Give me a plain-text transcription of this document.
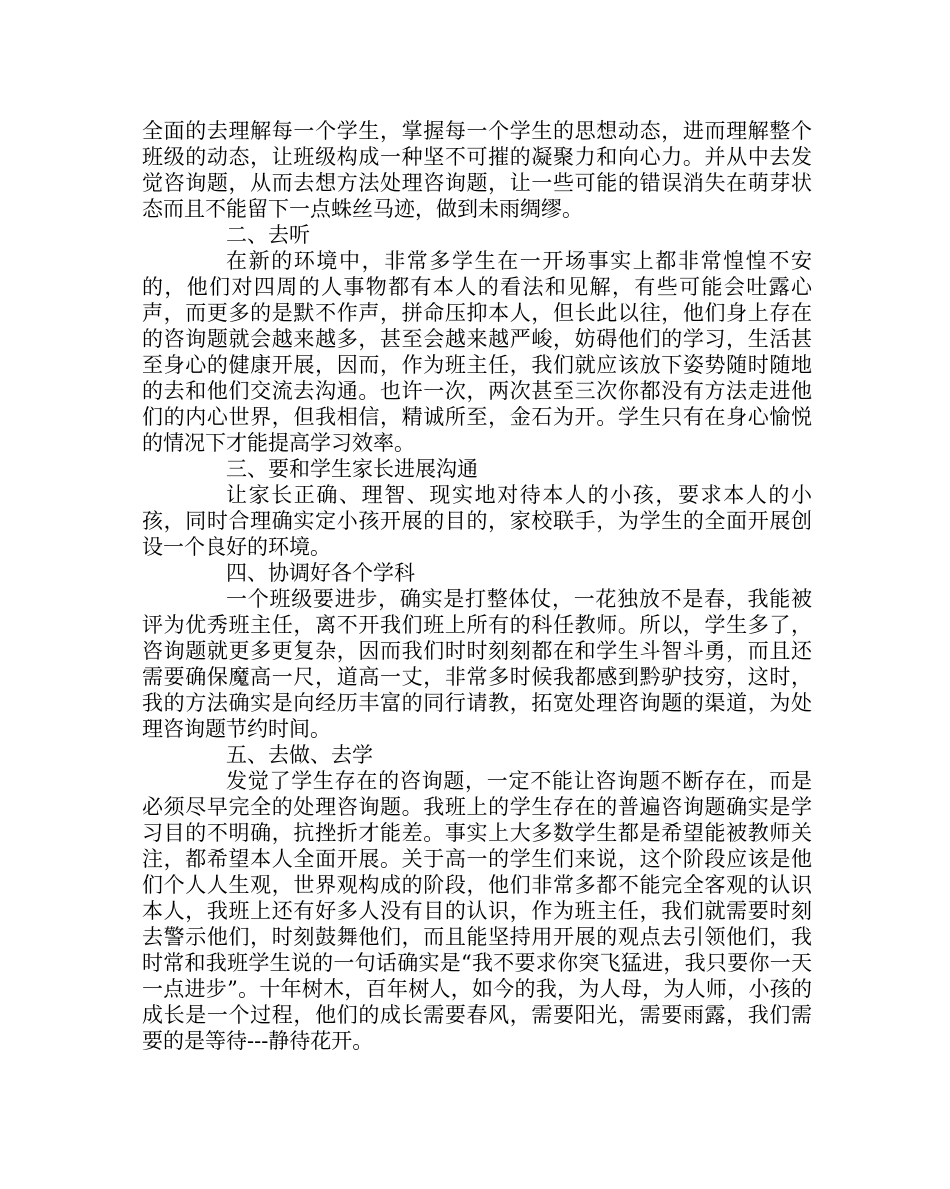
全面的去理解每一个学生，掌握每一个学生的思想动态，进而理解整个班级的动态，让班级构成一种坚不可摧的凝聚力和向心力。并从中去发觉咨询题，从而去想方法处理咨询题，让一些可能的错误消失在萌芽状态而且不能留下一点蛛丝马迹，做到未雨绸缪。

二、去听

在新的环境中，非常多学生在一开场事实上都非常惶惶不安的，他们对四周的人事物都有本人的看法和见解，有些可能会吐露心声，而更多的是默不作声，拼命压抑本人，但长此以往，他们身上存在的咨询题就会越来越多，甚至会越来越严峻，妨碍他们的学习，生活甚至身心的健康开展，因而，作为班主任，我们就应该放下姿势随时随地的去和他们交流去沟通。也许一次，两次甚至三次你都没有方法走进他们的内心世界，但我相信，精诚所至，金石为开。学生只有在身心愉悦的情况下才能提高学习效率。

三、要和学生家长进展沟通

让家长正确、理智、现实地对待本人的小孩，要求本人的小孩，同时合理确实定小孩开展的目的，家校联手，为学生的全面开展创设一个良好的环境。

四、协调好各个学科

一个班级要进步，确实是打整体仗，一花独放不是春，我能被评为优秀班主任，离不开我们班上所有的科任教师。所以，学生多了，咨询题就更多更复杂，因而我们时时刻刻都在和学生斗智斗勇，而且还需要确保魔高一尺，道高一丈，非常多时候我都感到黔驴技穷，这时，我的方法确实是向经历丰富的同行请教，拓宽处理咨询题的渠道，为处理咨询题节约时间。

五、去做、去学

发觉了学生存在的咨询题，一定不能让咨询题不断存在，而是必须尽早完全的处理咨询题。我班上的学生存在的普遍咨询题确实是学习目的不明确，抗挫折才能差。事实上大多数学生都是希望能被教师关注，都希望本人全面开展。关于高一的学生们来说，这个阶段应该是他们个人人生观，世界观构成的阶段，他们非常多都不能完全客观的认识本人，我班上还有好多人没有目的认识，作为班主任，我们就需要时刻去警示他们，时刻鼓舞他们，而且能坚持用开展的观点去引领他们，我时常和我班学生说的一句话确实是“我不要求你突飞猛进，我只要你一天一点进步”。十年树木，百年树人，如今的我，为人母，为人师，小孩的成长是一个过程，他们的成长需要春风，需要阳光，需要雨露，我们需要的是等待---静待花开。
